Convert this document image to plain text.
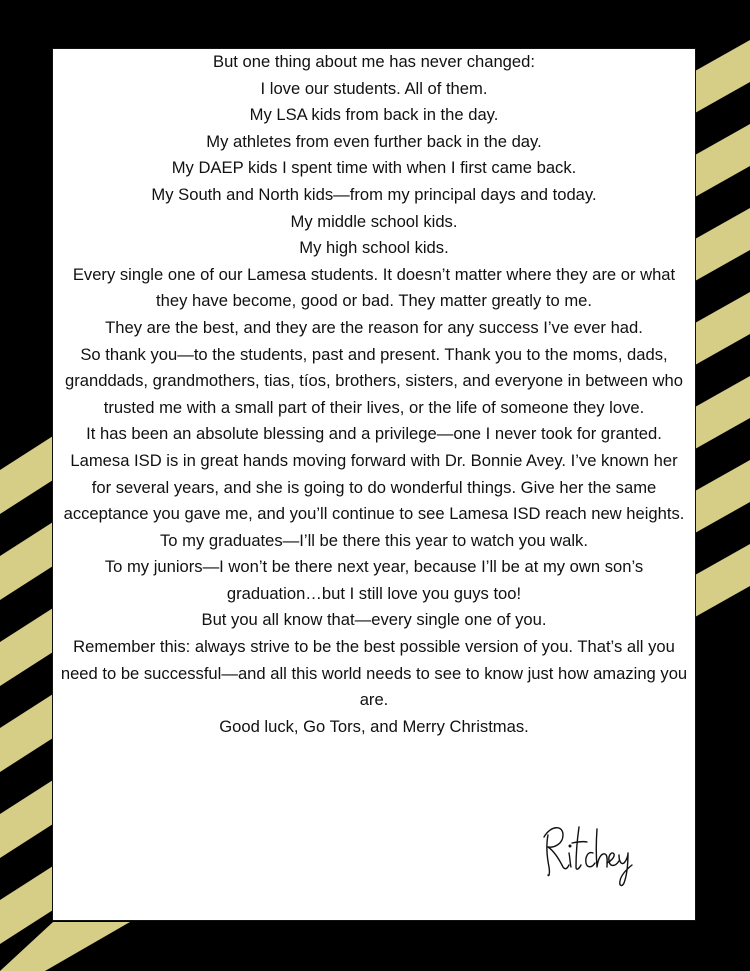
But one thing about me has never changed:

I love our students. All of them.

My LSA kids from back in the day.

My athletes from even further back in the day.

My DAEP kids I spent time with when I first came back.

My South and North kids—from my principal days and today.

My middle school kids.

My high school kids.

Every single one of our Lamesa students. It doesn’t matter where they are or what they have become, good or bad. They matter greatly to me.

They are the best, and they are the reason for any success I’ve ever had.

So thank you—to the students, past and present. Thank you to the moms, dads, granddads, grandmothers, tias, tíos, brothers, sisters, and everyone in between who trusted me with a small part of their lives, or the life of someone they love.

It has been an absolute blessing and a privilege—one I never took for granted.

Lamesa ISD is in great hands moving forward with Dr. Bonnie Avey. I’ve known her for several years, and she is going to do wonderful things. Give her the same acceptance you gave me, and you’ll continue to see Lamesa ISD reach new heights.

To my graduates—I’ll be there this year to watch you walk.

To my juniors—I won’t be there next year, because I’ll be at my own son’s graduation…but I still love you guys too!

But you all know that—every single one of you.

Remember this: always strive to be the best possible version of you. That’s all you need to be successful—and all this world needs to see to know just how amazing you are.

Good luck, Go Tors, and Merry Christmas.
